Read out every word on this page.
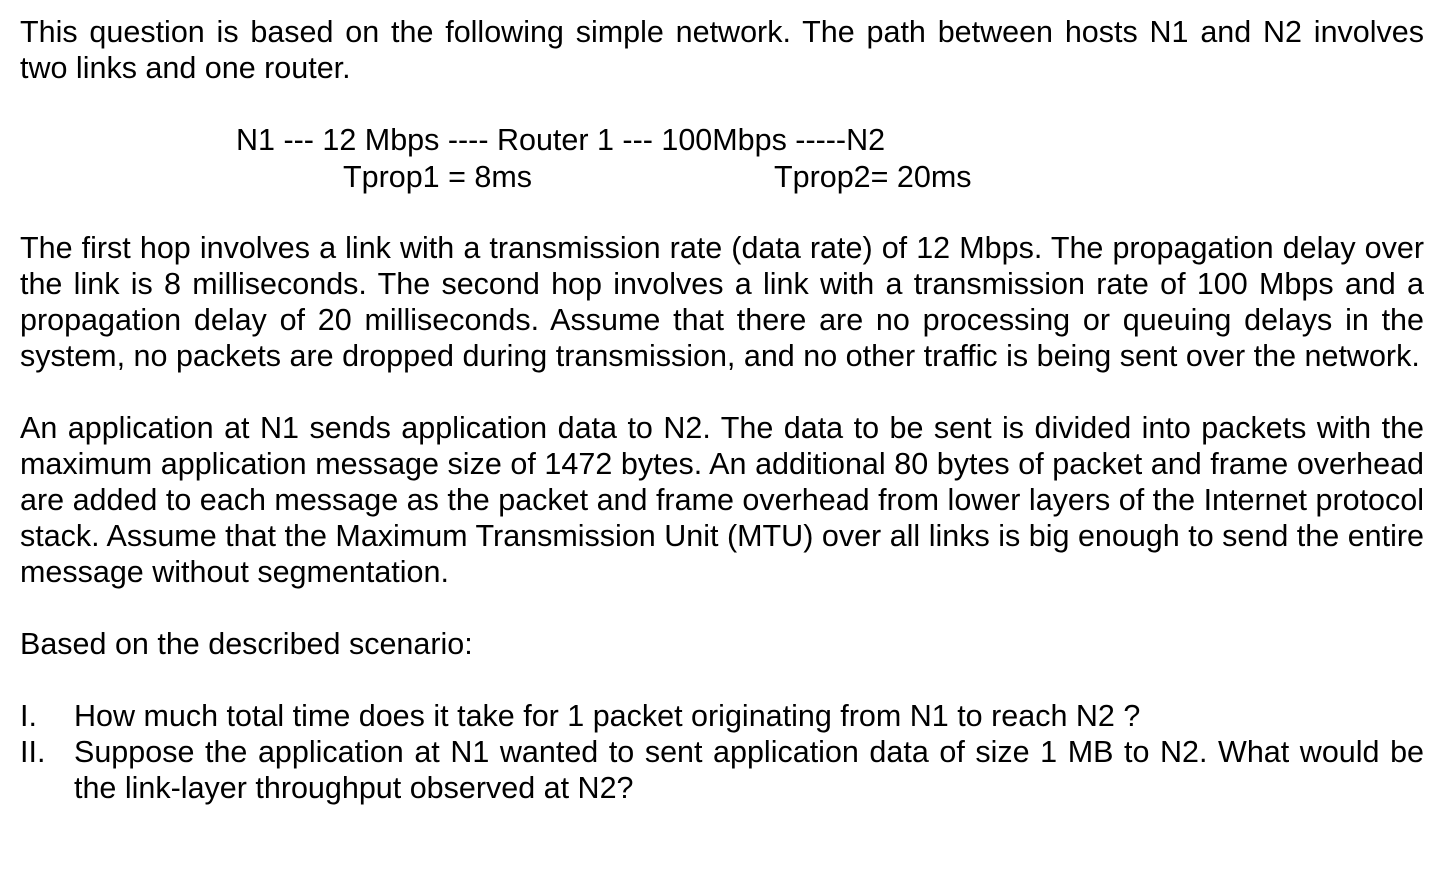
This question is based on the following simple network. The path between hosts N1 and N2 involves two links and one router.

N1 --- 12 Mbps ---- Router 1 --- 100Mbps -----N2
Tprop1 = 8ms	Tprop2= 20ms

The first hop involves a link with a transmission rate (data rate) of 12 Mbps. The propagation delay over the link is 8 milliseconds. The second hop involves a link with a transmission rate of 100 Mbps and a propagation delay of 20 milliseconds. Assume that there are no processing or queuing delays in the system, no packets are dropped during transmission, and no other traffic is being sent over the network.

An application at N1 sends application data to N2. The data to be sent is divided into packets with the maximum application message size of 1472 bytes. An additional 80 bytes of packet and frame overhead are added to each message as the packet and frame overhead from lower layers of the Internet protocol stack. Assume that the Maximum Transmission Unit (MTU) over all links is big enough to send the entire message without segmentation.

Based on the described scenario:

I. How much total time does it take for 1 packet originating from N1 to reach N2 ?

II. Suppose the application at N1 wanted to sent application data of size 1 MB to N2. What would be the link-layer throughput observed at N2?
